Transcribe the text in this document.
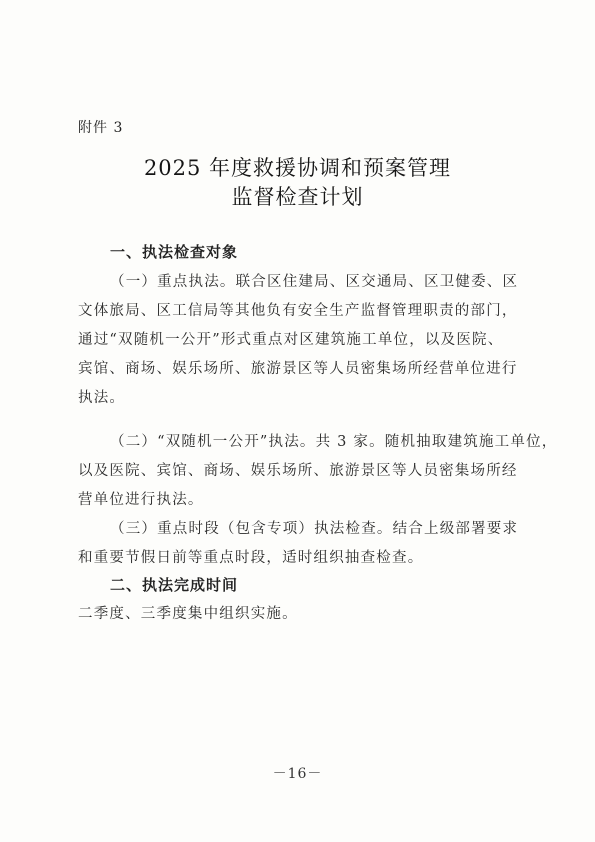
附件 3
2025 年度救援协调和预案管理
监督检查计划
一、执法检查对象
（一）重点执法。联合区住建局、区交通局、区卫健委、区
文体旅局、区工信局等其他负有安全生产监督管理职责的部门，
通过“双随机一公开”形式重点对区建筑施工单位，以及医院、
宾馆、商场、娱乐场所、旅游景区等人员密集场所经营单位进行
执法。
（二）“双随机一公开”执法。共 3 家。随机抽取建筑施工单位，
以及医院、宾馆、商场、娱乐场所、旅游景区等人员密集场所经
营单位进行执法。
（三）重点时段（包含专项）执法检查。结合上级部署要求
和重要节假日前等重点时段，适时组织抽查检查。
二、执法完成时间
二季度、三季度集中组织实施。
－16－
